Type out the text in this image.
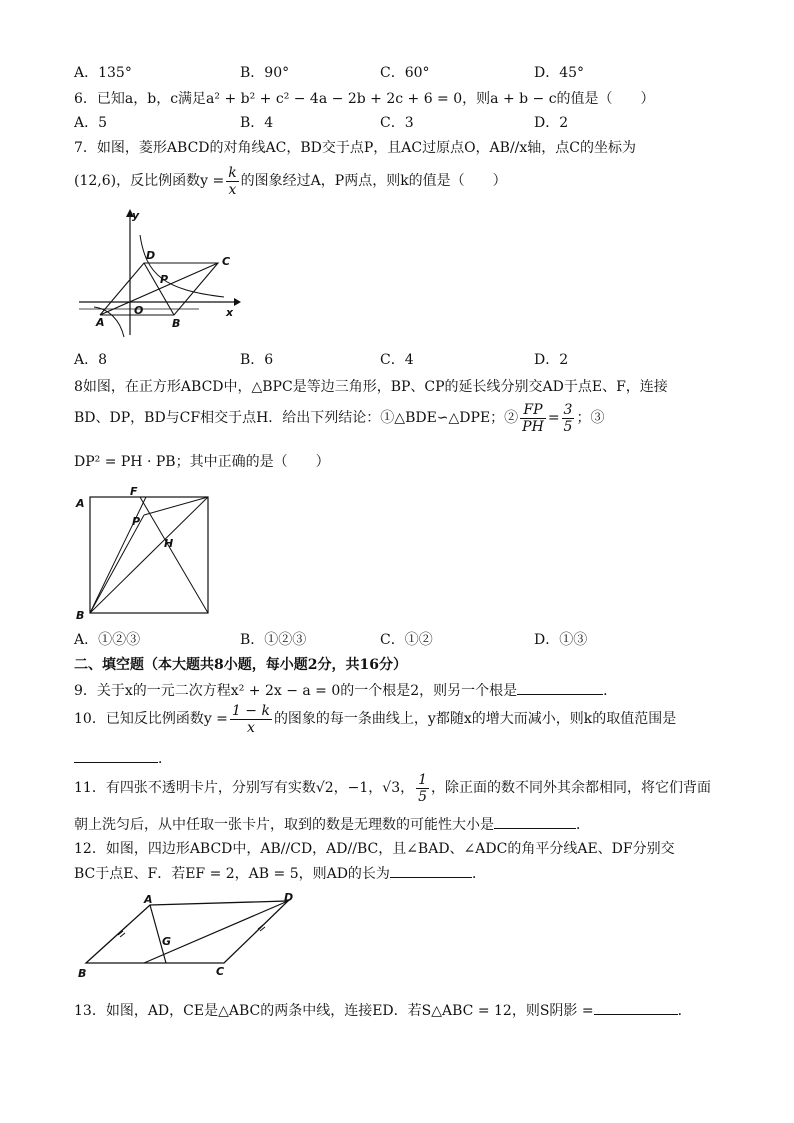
A．135°	B．90°	C．60°	D．45°
6．已知a，b，c满足a² + b² + c² − 4a − 2b + 2c + 6 = 0，则a + b − c的值是（　　）
A．5	B．4	C．3	D．2
7．如图，菱形ABCD的对角线AC，BD交于点P，且AC过原点O，AB//x轴，点C的坐标为
(12,6)，反比例函数$y = \frac{k}{x}$ 的图象经过A，P两点，则k的值是（　　）
y
x
D	C
P
A
O
B
A．8	B．6	C．4	D．2
8如图，在正方形ABCD中，△BPC是等边三角形，BP、CP的延长线分别交AD于点E、F，连接
BD、DP，BD与CF相交于点H．给出下列结论：①△BDE∽△DPE；② $\frac{FP}{PH} = \frac{3}{5}$ ；③
DP² = PH · PB；其中正确的是（　　）
A
F
P
H
B
A．①②③	B．①②③	C．①②	D．①③
二、填空题（本大题共8小题，每小题2分，共16分）
9．关于x的一元二次方程x² + 2x − a = 0的一个根是2，则另一个根是	．
10．已知反比例函数$y = \frac{1 - k}{x}$ 的图象的每一条曲线上，y都随x的增大而减小，则k的取值范围是
．
11．有四张不透明卡片，分别写有实数√2，−1，√3， $\frac{1}{5}$ ，除正面的数不同外其余都相同，将它们背面
朝上洗匀后，从中任取一张卡片，取到的数是无理数的可能性大小是	．
12．如图，四边形ABCD中，AB//CD，AD//BC，且∠BAD、∠ADC的角平分线AE、DF分别交
BC于点E、F．若EF = 2，AB = 5，则AD的长为	．
A	D
G
B	C
13．如图，AD，CE是△ABC的两条中线，连接ED．若S△ABC = 12，则S阴影 =	．
